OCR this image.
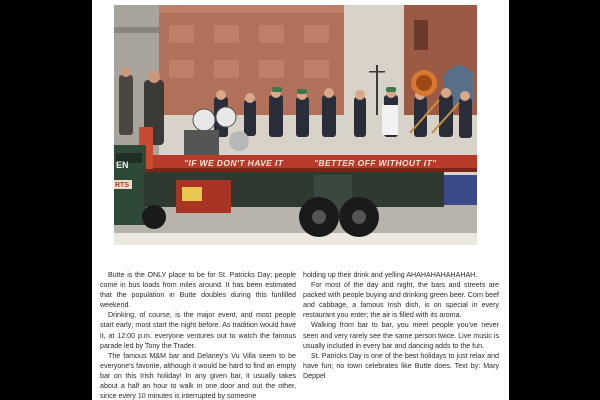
EN
RTS
"IF WE DON'T HAVE IT	"BETTER OFF WITHOUT IT"

Butte is the ONLY place to be for St. Patricks Day; people come in bus loads from miles around. It has been estimated that the population in Butte doubles during this funfilled weekend.

Drinking, of course, is the major event, and most people start early; most start the night before. As tradition would have it, at 12:00 p.m. everyone ventures out to watch the famous parade led by Tony the Trader.

The famous M&M bar and Delaney's Vu Villa seem to be everyone's favorite, although it would be hard to find an empty bar on this Irish holiday! In any given bar, it usually takes about a half an hour to walk in one door and out the other, since every 10 minutes is interrupted by someone

holding up their drink and yelling AHAHAHAHAHAHAH.

For most of the day and night, the bars and streets are packed with people buying and drinking green beer. Corn beef and cabbage, a famous Irish dish, is on special in every restaurant you enter; the air is filled with its aroma.

Walking from bar to bar, you meet people you've never seen and very rarely see the same person twice. Live music is usually included in every bar and dancing adds to the fun.

St. Patricks Day is one of the best holidays to just relax and have fun; no town celebrates like Butte does. Text by: Mary Deppel
